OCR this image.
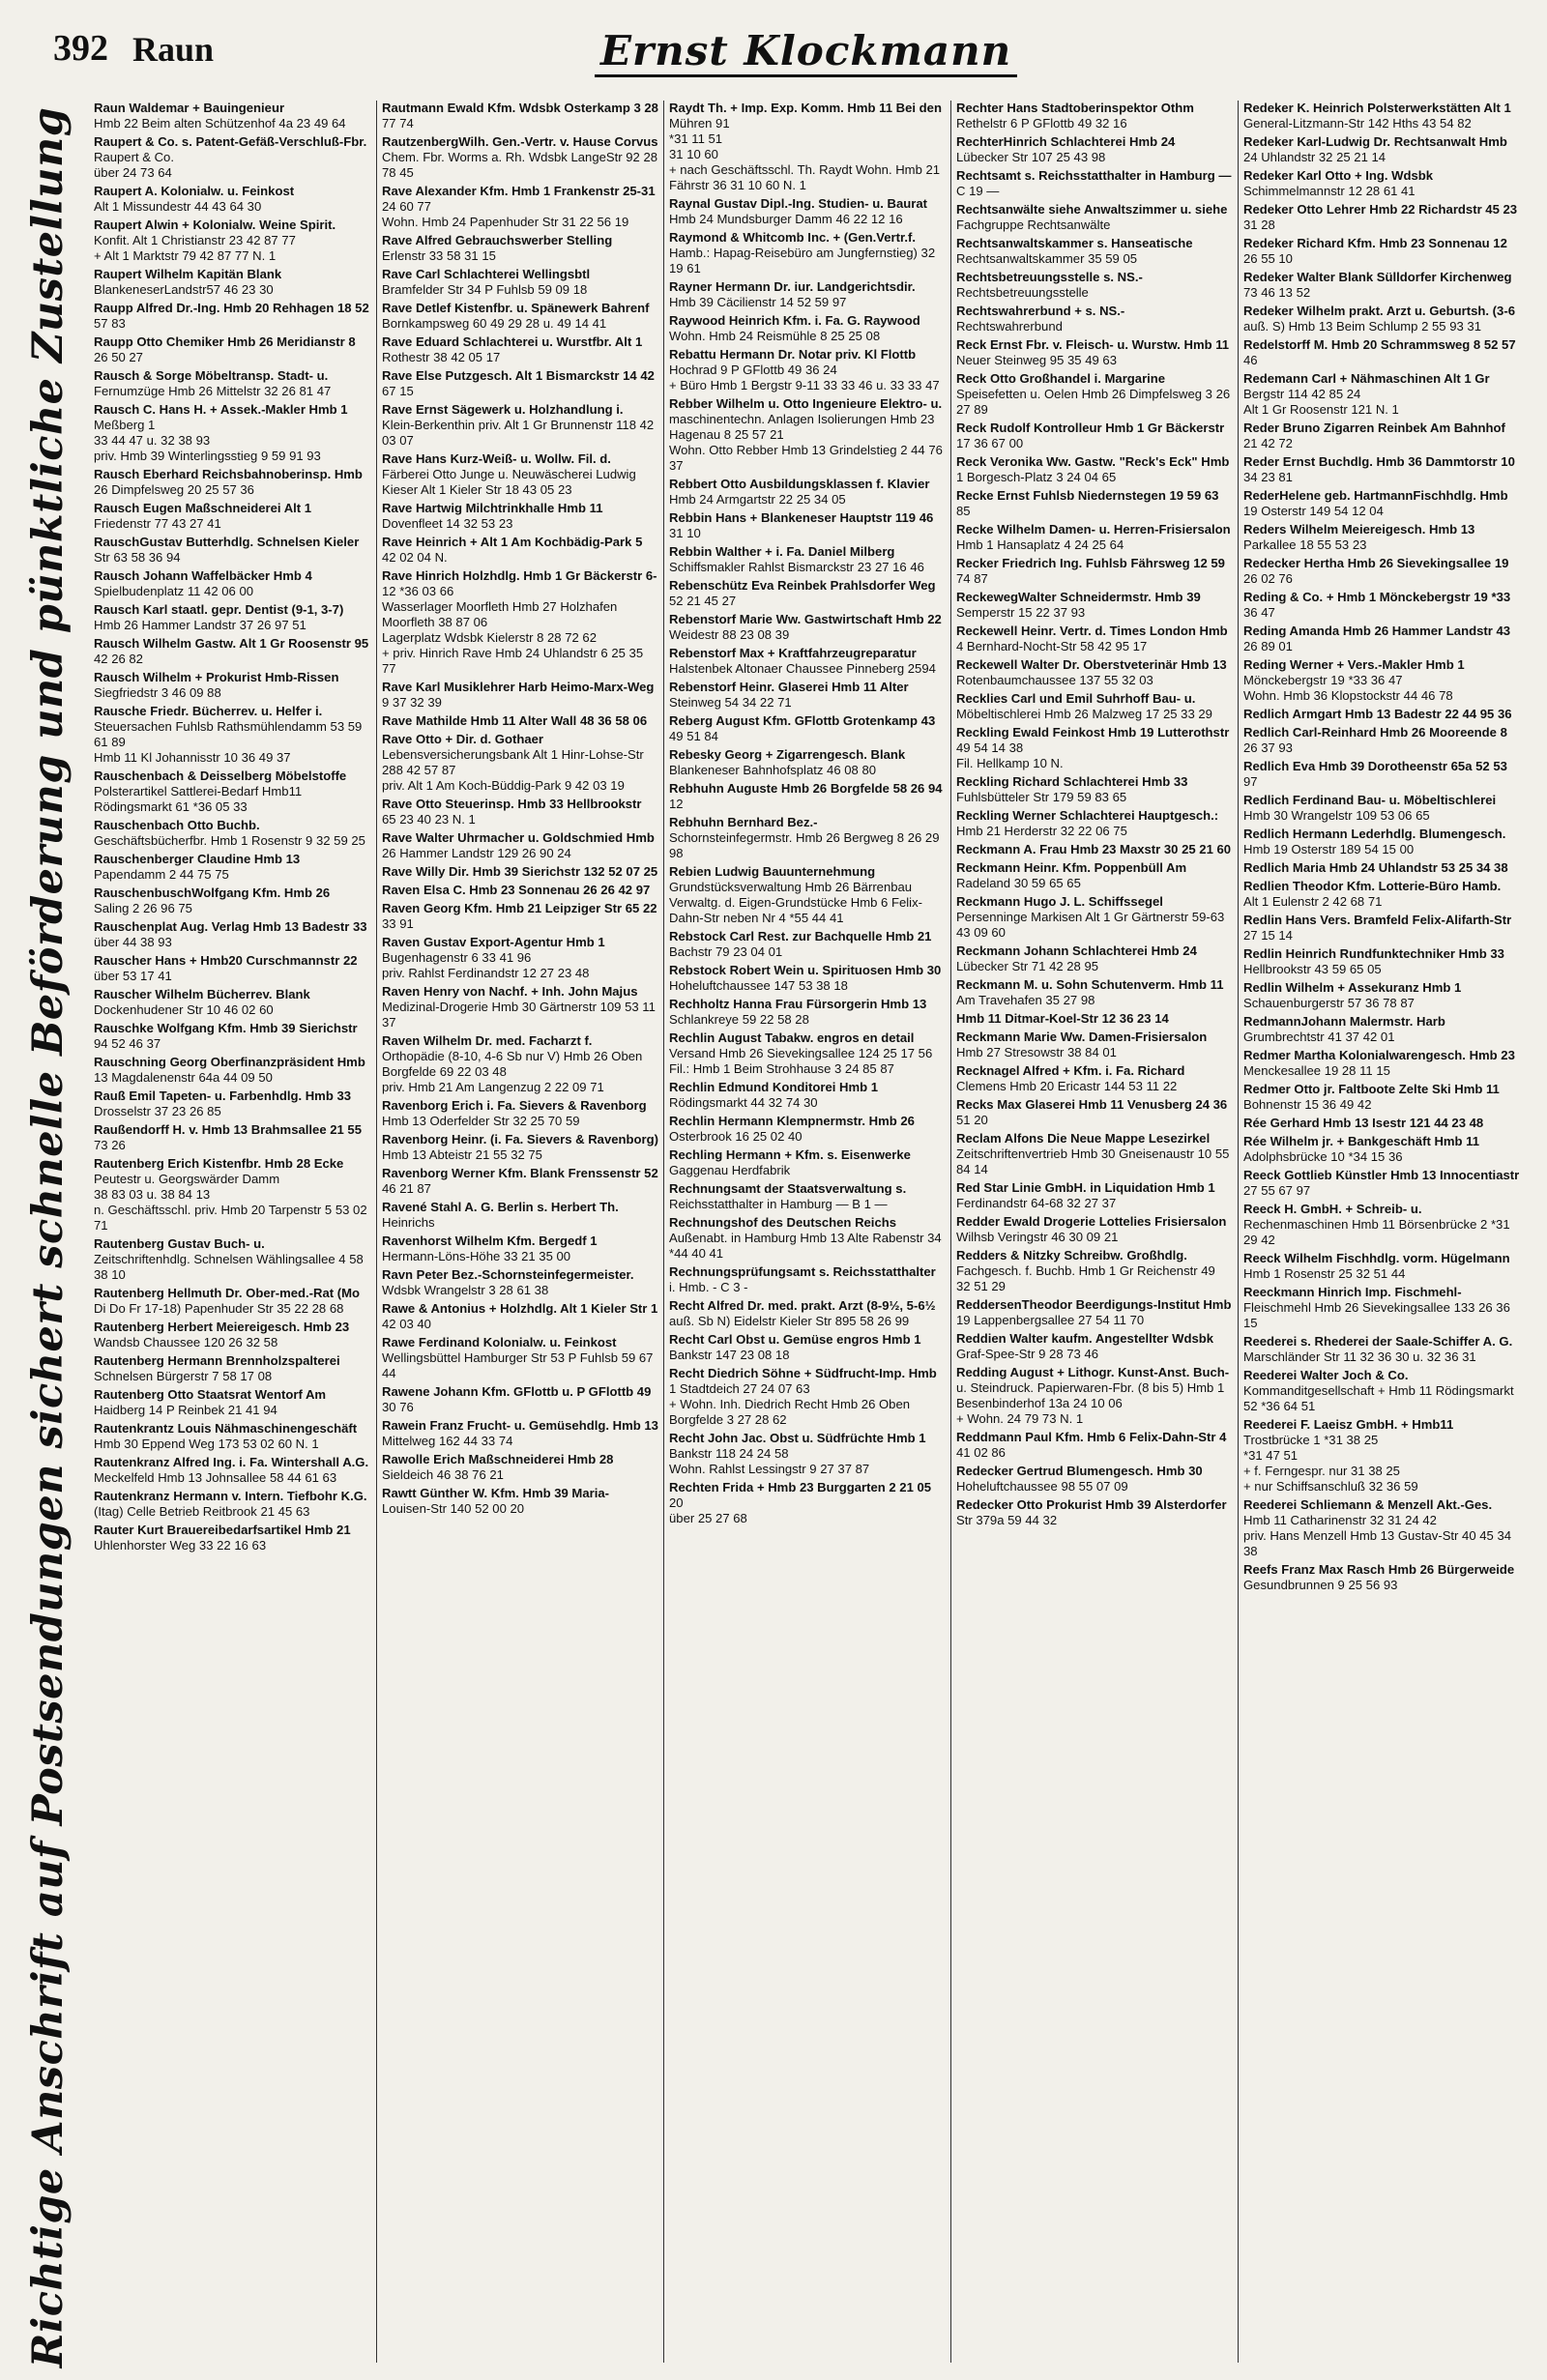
392 Raun	Ernst Klockmann
Richtige Anschrift auf Postsendungen sichert schnelle Beförderung und pünktliche Zustellung Raun Waldemar + Bauingenieur
Hmb 22 Beim alten Schützenhof 4a 23 49 64
Raupert & Co. s. Patent-Gefäß-Verschluß-Fbr. Raupert & Co.
über 24 73 64
Raupert A. Kolonialw. u. Feinkost
Alt 1 Missundestr 44 43 64 30
Raupert Alwin + Kolonialw. Weine Spirit. Konfit. Alt 1 Christianstr 23 42 87 77
+ Alt 1 Marktstr 79 42 87 77 N. 1
Raupert Wilhelm Kapitän Blank BlankeneserLandstr57 46 23 30
Raupp Alfred Dr.-Ing. Hmb 20 Rehhagen 18 52 57 83
Raupp Otto Chemiker Hmb 26 Meridianstr 8 26 50 27
Rausch & Sorge Möbeltransp. Stadt- u. Fernumzüge Hmb 26 Mittelstr 32 26 81 47
Rausch C. Hans H. + Assek.-Makler Hmb 1 Meßberg 1
33 44 47 u. 32 38 93
priv. Hmb 39 Winterlingsstieg 9 59 91 93
Rausch Eberhard Reichsbahnoberinsp. Hmb 26 Dimpfelsweg 20 25 57 36
Rausch Eugen Maßschneiderei Alt 1 Friedenstr 77 43 27 41
RauschGustav Butterhdlg. Schnelsen Kieler Str 63 58 36 94
Rausch Johann Waffelbäcker Hmb 4 Spielbudenplatz 11 42 06 00
Rausch Karl staatl. gepr. Dentist (9-1, 3-7) Hmb 26 Hammer Landstr 37 26 97 51
Rausch Wilhelm Gastw. Alt 1 Gr Roosenstr 95 42 26 82
Rausch Wilhelm + Prokurist Hmb-Rissen Siegfriedstr 3 46 09 88
Rausche Friedr. Bücherrev. u. Helfer i. Steuersachen Fuhlsb Rathsmühlendamm 53 59 61 89
Hmb 11 Kl Johannisstr 10 36 49 37
Rauschenbach & Deisselberg Möbelstoffe Polsterartikel Sattlerei-Bedarf Hmb11 Rödingsmarkt 61 *36 05 33
Rauschenbach Otto Buchb. Geschäftsbücherfbr. Hmb 1 Rosenstr 9 32 59 25
Rauschenberger Claudine Hmb 13 Papendamm 2 44 75 75
RauschenbuschWolfgang Kfm. Hmb 26 Saling 2 26 96 75
Rauschenplat Aug. Verlag Hmb 13 Badestr 33 über 44 38 93
Rauscher Hans + Hmb20 Curschmannstr 22 über 53 17 41
Rauscher Wilhelm Bücherrev. Blank Dockenhudener Str 10 46 02 60
Rauschke Wolfgang Kfm. Hmb 39 Sierichstr 94 52 46 37
Rauschning Georg Oberfinanzpräsident Hmb 13 Magdalenenstr 64a 44 09 50
Rauß Emil Tapeten- u. Farbenhdlg. Hmb 33 Drosselstr 37 23 26 85
Raußendorff H. v. Hmb 13 Brahmsallee 21 55 73 26
Rautenberg Erich Kistenfbr. Hmb 28 Ecke Peutestr u. Georgswärder Damm
38 83 03 u. 38 84 13
n. Geschäftsschl. priv. Hmb 20 Tarpenstr 5 53 02 71
Rautenberg Gustav Buch- u. Zeitschriftenhdlg. Schnelsen Wählingsallee 4 58 38 10
Rautenberg Hellmuth Dr. Ober-med.-Rat (Mo Di Do Fr 17-18) Papenhuder Str 35 22 28 68
Rautenberg Herbert Meiereigesch. Hmb 23 Wandsb Chaussee 120 26 32 58
Rautenberg Hermann Brennholzspalterei Schnelsen Bürgerstr 7 58 17 08
Rautenberg Otto Staatsrat Wentorf Am Haidberg 14 P Reinbek 21 41 94
Rautenkrantz Louis Nähmaschinengeschäft Hmb 30 Eppend Weg 173 53 02 60 N. 1
Rautenkranz Alfred Ing. i. Fa. Wintershall A.G. Meckelfeld Hmb 13 Johnsallee 58 44 61 63
Rautenkranz Hermann v. Intern. Tiefbohr K.G. (Itag) Celle Betrieb Reitbrook 21 45 63
Rauter Kurt Brauereibedarfsartikel Hmb 21 Uhlenhorster Weg 33 22 16 63
Rautmann Ewald Kfm. Wdsbk Osterkamp 3 28 77 74
RautzenbergWilh. Gen.-Vertr. v. Hause Corvus Chem. Fbr. Worms a. Rh. Wdsbk LangeStr 92 28 78 45
Rave Alexander Kfm. Hmb 1 Frankenstr 25-31 24 60 77
Wohn. Hmb 24 Papenhuder Str 31 22 56 19
Rave Alfred Gebrauchswerber Stelling Erlenstr 33 58 31 15
Rave Carl Schlachterei Wellingsbtl Bramfelder Str 34 P Fuhlsb 59 09 18
Rave Detlef Kistenfbr. u. Spänewerk Bahrenf Bornkampsweg 60 49 29 28 u. 49 14 41
Rave Eduard Schlachterei u. Wurstfbr. Alt 1 Rothestr 38 42 05 17
Rave Else Putzgesch. Alt 1 Bismarckstr 14 42 67 15
Rave Ernst Sägewerk u. Holzhandlung i. Klein-Berkenthin priv. Alt 1 Gr Brunnenstr 118 42 03 07
Rave Hans Kurz-Weiß- u. Wollw. Fil. d. Färberei Otto Junge u. Neuwäscherei Ludwig Kieser Alt 1 Kieler Str 18 43 05 23
Rave Hartwig Milchtrinkhalle Hmb 11 Dovenfleet 14 32 53 23
Rave Heinrich + Alt 1 Am Kochbädig-Park 5 42 02 04 N.
Rave Hinrich Holzhdlg. Hmb 1 Gr Bäckerstr 6-12 *36 03 66
Wasserlager Moorfleth Hmb 27 Holzhafen Moorfleth 38 87 06
Lagerplatz Wdsbk Kielerstr 8 28 72 62
+ priv. Hinrich Rave Hmb 24 Uhlandstr 6 25 35 77
Rave Karl Musiklehrer Harb Heimo-Marx-Weg 9 37 32 39
Rave Mathilde Hmb 11 Alter Wall 48 36 58 06
Rave Otto + Dir. d. Gothaer Lebensversicherungsbank Alt 1 Hinr-Lohse-Str 288 42 57 87
priv. Alt 1 Am Koch-Büddig-Park 9 42 03 19
Rave Otto Steuerinsp. Hmb 33 Hellbrookstr 65 23 40 23 N. 1
Rave Walter Uhrmacher u. Goldschmied Hmb 26 Hammer Landstr 129 26 90 24
Rave Willy Dir. Hmb 39 Sierichstr 132 52 07 25
Raven Elsa C. Hmb 23 Sonnenau 26 26 42 97
Raven Georg Kfm. Hmb 21 Leipziger Str 65 22 33 91
Raven Gustav Export-Agentur Hmb 1 Bugenhagenstr 6 33 41 96
priv. Rahlst Ferdinandstr 12 27 23 48
Raven Henry von Nachf. + Inh. John Majus Medizinal-Drogerie Hmb 30 Gärtnerstr 109 53 11 37
Raven Wilhelm Dr. med. Facharzt f. Orthopädie (8-10, 4-6 Sb nur V) Hmb 26 Oben Borgfelde 69 22 03 48
priv. Hmb 21 Am Langenzug 2 22 09 71
Ravenborg Erich i. Fa. Sievers & Ravenborg Hmb 13 Oderfelder Str 32 25 70 59
Ravenborg Heinr. (i. Fa. Sievers & Ravenborg) Hmb 13 Abteistr 21 55 32 75
Ravenborg Werner Kfm. Blank Frenssenstr 52 46 21 87
Ravené Stahl A. G. Berlin s. Herbert Th. Heinrichs
Ravenhorst Wilhelm Kfm. Bergedf 1 Hermann-Löns-Höhe 33 21 35 00
Ravn Peter Bez.-Schornsteinfegermeister. Wdsbk Wrangelstr 3 28 61 38
Rawe & Antonius + Holzhdlg. Alt 1 Kieler Str 1 42 03 40
Rawe Ferdinand Kolonialw. u. Feinkost Wellingsbüttel Hamburger Str 53 P Fuhlsb 59 67 44
Rawene Johann Kfm. GFlottb u. P GFlottb 49 30 76
Rawein Franz Frucht- u. Gemüsehdlg. Hmb 13 Mittelweg 162 44 33 74
Rawolle Erich Maßschneiderei Hmb 28 Sieldeich 46 38 76 21
Rawtt Günther W. Kfm. Hmb 39 Maria-Louisen-Str 140 52 00 20
Raydt Th. + Imp. Exp. Komm. Hmb 11 Bei den Mühren 91
*31 11 51
31 10 60
+ nach Geschäftsschl. Th. Raydt Wohn. Hmb 21 Fährstr 36 31 10 60 N. 1
Raynal Gustav Dipl.-Ing. Studien- u. Baurat Hmb 24 Mundsburger Damm 46 22 12 16
Raymond & Whitcomb Inc. + (Gen.Vertr.f. Hamb.: Hapag-Reisebüro am Jungfernstieg) 32 19 61
Rayner Hermann Dr. iur. Landgerichtsdir. Hmb 39 Cäcilienstr 14 52 59 97
Raywood Heinrich Kfm. i. Fa. G. Raywood Wohn. Hmb 24 Reismühle 8 25 25 08
Rebattu Hermann Dr. Notar priv. Kl Flottb Hochrad 9 P GFlottb 49 36 24
+ Büro Hmb 1 Bergstr 9-11 33 33 46 u. 33 33 47
Rebber Wilhelm u. Otto Ingenieure Elektro- u. maschinentechn. Anlagen Isolierungen Hmb 23 Hagenau 8 25 57 21
Wohn. Otto Rebber Hmb 13 Grindelstieg 2 44 76 37
Rebbert Otto Ausbildungsklassen f. Klavier Hmb 24 Armgartstr 22 25 34 05
Rebbin Hans + Blankeneser Hauptstr 119 46 31 10
Rebbin Walther + i. Fa. Daniel Milberg Schiffsmakler Rahlst Bismarckstr 23 27 16 46
Rebenschütz Eva Reinbek Prahlsdorfer Weg 52 21 45 27
Rebenstorf Marie Ww. Gastwirtschaft Hmb 22 Weidestr 88 23 08 39
Rebenstorf Max + Kraftfahrzeugreparatur Halstenbek Altonaer Chaussee Pinneberg 2594
Rebenstorf Heinr. Glaserei Hmb 11 Alter Steinweg 54 34 22 71
Reberg August Kfm. GFlottb Grotenkamp 43 49 51 84
Rebesky Georg + Zigarrengesch. Blank Blankeneser Bahnhofsplatz 46 08 80
Rebhuhn Auguste Hmb 26 Borgfelde 58 26 94 12
Rebhuhn Bernhard Bez.-Schornsteinfegermstr. Hmb 26 Bergweg 8 26 29 98
Rebien Ludwig Bauunternehmung Grundstücksverwaltung Hmb 26 Bärrenbau Verwaltg. d. Eigen-Grundstücke Hmb 6 Felix-Dahn-Str neben Nr 4 *55 44 41
Rebstock Carl Rest. zur Bachquelle Hmb 21 Bachstr 79 23 04 01
Rebstock Robert Wein u. Spirituosen Hmb 30 Hoheluftchaussee 147 53 38 18
Rechholtz Hanna Frau Fürsorgerin Hmb 13 Schlankreye 59 22 58 28
Rechlin August Tabakw. engros en detail Versand Hmb 26 Sievekingsallee 124 25 17 56
Fil.: Hmb 1 Beim Strohhause 3 24 85 87
Rechlin Edmund Konditorei Hmb 1 Rödingsmarkt 44 32 74 30
Rechlin Hermann Klempnermstr. Hmb 26 Osterbrook 16 25 02 40
Rechling Hermann + Kfm. s. Eisenwerke Gaggenau Herdfabrik
Rechnungsamt der Staatsverwaltung s. Reichsstatthalter in Hamburg — B 1 —
Rechnungshof des Deutschen Reichs Außenabt. in Hamburg Hmb 13 Alte Rabenstr 34 *44 40 41
Rechnungsprüfungsamt s. Reichsstatthalter i. Hmb. - C 3 -
Recht Alfred Dr. med. prakt. Arzt (8-9½, 5-6½ auß. Sb N) Eidelstr Kieler Str 895 58 26 99
Recht Carl Obst u. Gemüse engros Hmb 1 Bankstr 147 23 08 18
Recht Diedrich Söhne + Südfrucht-Imp. Hmb 1 Stadtdeich 27 24 07 63
+ Wohn. Inh. Diedrich Recht Hmb 26 Oben Borgfelde 3 27 28 62
Recht John Jac. Obst u. Südfrüchte Hmb 1 Bankstr 118 24 24 58
Wohn. Rahlst Lessingstr 9 27 37 87
Rechten Frida + Hmb 23 Burggarten 2 21 05 20
über 25 27 68
Rechter Hans Stadtoberinspektor Othm Rethelstr 6 P GFlottb 49 32 16
RechterHinrich Schlachterei Hmb 24 Lübecker Str 107 25 43 98
Rechtsamt s. Reichsstatthalter in Hamburg — C 19 —
Rechtsanwälte siehe Anwaltszimmer u. siehe Fachgruppe Rechtsanwälte
Rechtsanwaltskammer s. Hanseatische Rechtsanwaltskammer 35 59 05
Rechtsbetreuungsstelle s. NS.-Rechtsbetreuungsstelle
Rechtswahrerbund + s. NS.-Rechtswahrerbund
Reck Ernst Fbr. v. Fleisch- u. Wurstw. Hmb 11 Neuer Steinweg 95 35 49 63
Reck Otto Großhandel i. Margarine Speisefetten u. Oelen Hmb 26 Dimpfelsweg 3 26 27 89
Reck Rudolf Kontrolleur Hmb 1 Gr Bäckerstr 17 36 67 00
Reck Veronika Ww. Gastw. "Reck's Eck" Hmb 1 Borgesch-Platz 3 24 04 65
Recke Ernst Fuhlsb Niedernstegen 19 59 63 85
Recke Wilhelm Damen- u. Herren-Frisiersalon Hmb 1 Hansaplatz 4 24 25 64
Recker Friedrich Ing. Fuhlsb Fährsweg 12 59 74 87
ReckewegWalter Schneidermstr. Hmb 39 Semperstr 15 22 37 93
Reckewell Heinr. Vertr. d. Times London Hmb 4 Bernhard-Nocht-Str 58 42 95 17
Reckewell Walter Dr. Oberstveterinär Hmb 13 Rotenbaumchaussee 137 55 32 03
Recklies Carl und Emil Suhrhoff Bau- u. Möbeltischlerei Hmb 26 Malzweg 17 25 33 29
Reckling Ewald Feinkost Hmb 19 Lutterothstr 49 54 14 38
Fil. Hellkamp 10 N.
Reckling Richard Schlachterei Hmb 33 Fuhlsbütteler Str 179 59 83 65
Reckling Werner Schlachterei Hauptgesch.: Hmb 21 Herderstr 32 22 06 75
Reckmann A. Frau Hmb 23 Maxstr 30 25 21 60
Reckmann Heinr. Kfm. Poppenbüll Am Radeland 30 59 65 65
Reckmann Hugo J. L. Schiffssegel Persenninge Markisen Alt 1 Gr Gärtnerstr 59-63 43 09 60
Reckmann Johann Schlachterei Hmb 24 Lübecker Str 71 42 28 95
Reckmann M. u. Sohn Schutenverm. Hmb 11 Am Travehafen 35 27 98
Hmb 11 Ditmar-Koel-Str 12 36 23 14
Reckmann Marie Ww. Damen-Frisiersalon Hmb 27 Stresowstr 38 84 01
Recknagel Alfred + Kfm. i. Fa. Richard Clemens Hmb 20 Ericastr 144 53 11 22
Recks Max Glaserei Hmb 11 Venusberg 24 36 51 20
Reclam Alfons Die Neue Mappe Lesezirkel Zeitschriftenvertrieb Hmb 30 Gneisenaustr 10 55 84 14
Red Star Linie GmbH. in Liquidation Hmb 1 Ferdinandstr 64-68 32 27 37
Redder Ewald Drogerie Lottelies Frisiersalon Wilhsb Veringstr 46 30 09 21
Redders & Nitzky Schreibw. Großhdlg. Fachgesch. f. Buchb. Hmb 1 Gr Reichenstr 49 32 51 29
ReddersenTheodor Beerdigungs-Institut Hmb 19 Lappenbergsallee 27 54 11 70
Reddien Walter kaufm. Angestellter Wdsbk Graf-Spee-Str 9 28 73 46
Redding August + Lithogr. Kunst-Anst. Buch- u. Steindruck. Papierwaren-Fbr. (8 bis 5) Hmb 1 Besenbinderhof 13a 24 10 06
+ Wohn. 24 79 73 N. 1
Reddmann Paul Kfm. Hmb 6 Felix-Dahn-Str 4 41 02 86
Redecker Gertrud Blumengesch. Hmb 30 Hoheluftchaussee 98 55 07 09
Redecker Otto Prokurist Hmb 39 Alsterdorfer Str 379a 59 44 32
Redeker K. Heinrich Polsterwerkstätten Alt 1 General-Litzmann-Str 142 Hths 43 54 82
Redeker Karl-Ludwig Dr. Rechtsanwalt Hmb 24 Uhlandstr 32 25 21 14
Redeker Karl Otto + Ing. Wdsbk Schimmelmannstr 12 28 61 41
Redeker Otto Lehrer Hmb 22 Richardstr 45 23 31 28
Redeker Richard Kfm. Hmb 23 Sonnenau 12 26 55 10
Redeker Walter Blank Sülldorfer Kirchenweg 73 46 13 52
Redeker Wilhelm prakt. Arzt u. Geburtsh. (3-6 auß. S) Hmb 13 Beim Schlump 2 55 93 31
Redelstorff M. Hmb 20 Schrammsweg 8 52 57 46
Redemann Carl + Nähmaschinen Alt 1 Gr Bergstr 114 42 85 24
Alt 1 Gr Roosenstr 121 N. 1
Reder Bruno Zigarren Reinbek Am Bahnhof 21 42 72
Reder Ernst Buchdlg. Hmb 36 Dammtorstr 10 34 23 81
RederHelene geb. HartmannFischhdlg. Hmb 19 Osterstr 149 54 12 04
Reders Wilhelm Meiereigesch. Hmb 13 Parkallee 18 55 53 23
Redecker Hertha Hmb 26 Sievekingsallee 19 26 02 76
Reding & Co. + Hmb 1 Mönckebergstr 19 *33 36 47
Reding Amanda Hmb 26 Hammer Landstr 43 26 89 01
Reding Werner + Vers.-Makler Hmb 1 Mönckebergstr 19 *33 36 47
Wohn. Hmb 36 Klopstockstr 44 46 78
Redlich Armgart Hmb 13 Badestr 22 44 95 36
Redlich Carl-Reinhard Hmb 26 Mooreende 8 26 37 93
Redlich Eva Hmb 39 Dorotheenstr 65a 52 53 97
Redlich Ferdinand Bau- u. Möbeltischlerei Hmb 30 Wrangelstr 109 53 06 65
Redlich Hermann Lederhdlg. Blumengesch. Hmb 19 Osterstr 189 54 15 00
Redlich Maria Hmb 24 Uhlandstr 53 25 34 38
Redlien Theodor Kfm. Lotterie-Büro Hamb. Alt 1 Eulenstr 2 42 68 71
Redlin Hans Vers. Bramfeld Felix-Alifarth-Str 27 15 14
Redlin Heinrich Rundfunktechniker Hmb 33 Hellbrookstr 43 59 65 05
Redlin Wilhelm + Assekuranz Hmb 1 Schauenburgerstr 57 36 78 87
RedmannJohann Malermstr. Harb Grumbrechtstr 41 37 42 01
Redmer Martha Kolonialwarengesch. Hmb 23 Menckesallee 19 28 11 15
Redmer Otto jr. Faltboote Zelte Ski Hmb 11 Bohnenstr 15 36 49 42
Rée Gerhard Hmb 13 Isestr 121 44 23 48
Rée Wilhelm jr. + Bankgeschäft Hmb 11 Adolphsbrücke 10 *34 15 36
Reeck Gottlieb Künstler Hmb 13 Innocentiastr 27 55 67 97
Reeck H. GmbH. + Schreib- u. Rechenmaschinen Hmb 11 Börsenbrücke 2 *31 29 42
Reeck Wilhelm Fischhdlg. vorm. Hügelmann Hmb 1 Rosenstr 25 32 51 44
Reeckmann Hinrich Imp. Fischmehl-Fleischmehl Hmb 26 Sievekingsallee 133 26 36 15
Reederei s. Rhederei der Saale-Schiffer A. G. Marschländer Str 11 32 36 30 u. 32 36 31
Reederei Walter Joch & Co. Kommanditgesellschaft + Hmb 11 Rödingsmarkt 52 *36 64 51
Reederei F. Laeisz GmbH. + Hmb11 Trostbrücke 1 *31 38 25
*31 47 51
+ f. Ferngespr. nur 31 38 25
+ nur Schiffsanschluß 32 36 59
Reederei Schliemann & Menzell Akt.-Ges. Hmb 11 Catharinenstr 32 31 24 42
priv. Hans Menzell Hmb 13 Gustav-Str 40 45 34 38
Reefs Franz Max Rasch Hmb 26 Bürgerweide Gesundbrunnen 9 25 56 93
